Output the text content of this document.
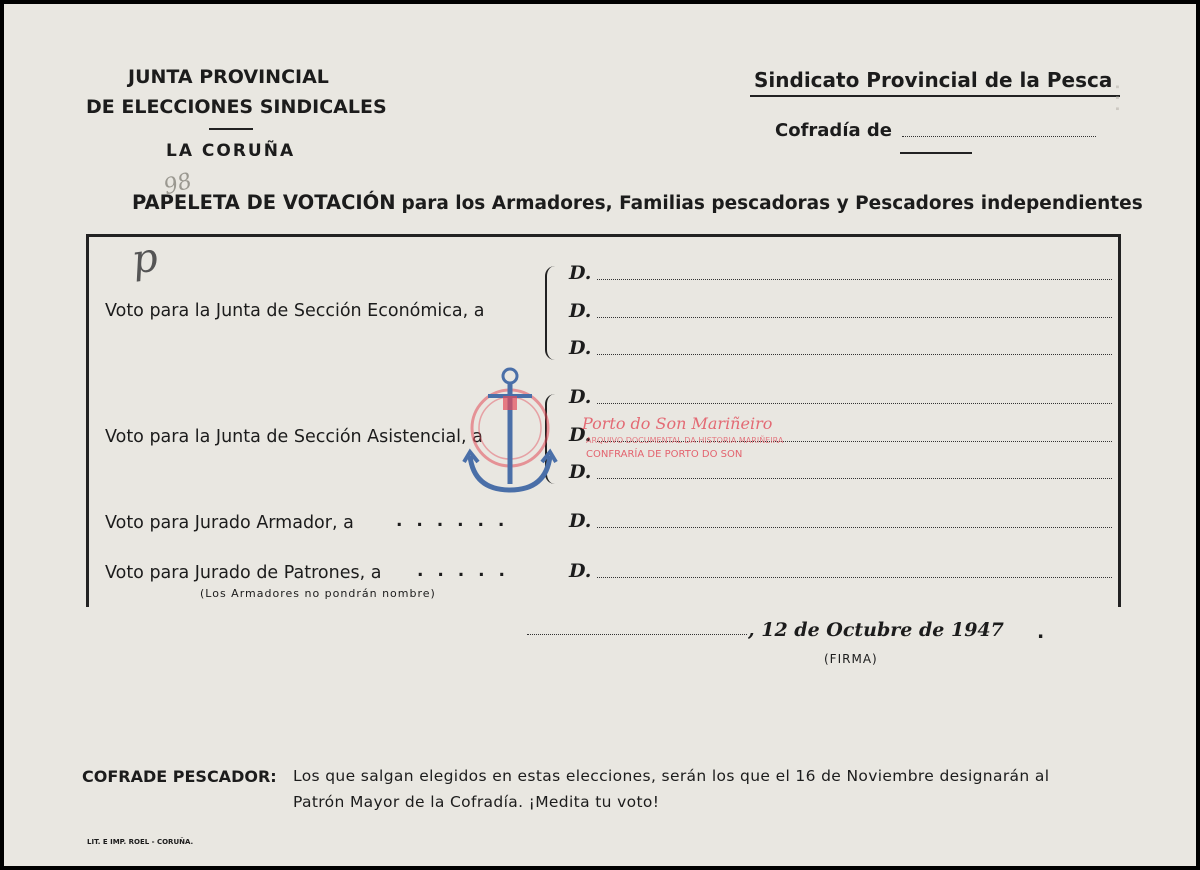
JUNTA PROVINCIAL
DE ELECCIONES SINDICALES
LA CORUÑA
Sindicato Provincial de la Pesca
Cofradía de
PAPELETA DE VOTACIÓN para los Armadores, Familias pescadoras y Pescadores independientes
p
98
Voto para la Junta de Sección Económica, a
D.
D.
D.
Voto para la Junta de Sección Asistencial, a
D.
D.
D.
Voto para Jurado Armador, a . . . . . .	D.
Voto para Jurado de Patrones, a . . . . .	D.
(Los Armadores no pondrán nombre)
, 12 de Octubre de 1947 .
(FIRMA)
COFRADE PESCADOR: Los que salgan elegidos en estas elecciones, serán los que el 16 de Noviembre designarán al
Patrón Mayor de la Cofradía. ¡Medita tu voto!
LIT. E IMP. ROEL - CORUÑA.
· · ·
Porto do Son Mariñeiro
ARQUIVO DOCUMENTAL DA HISTORIA MARIÑEIRA
CONFRARÍA DE PORTO DO SON
